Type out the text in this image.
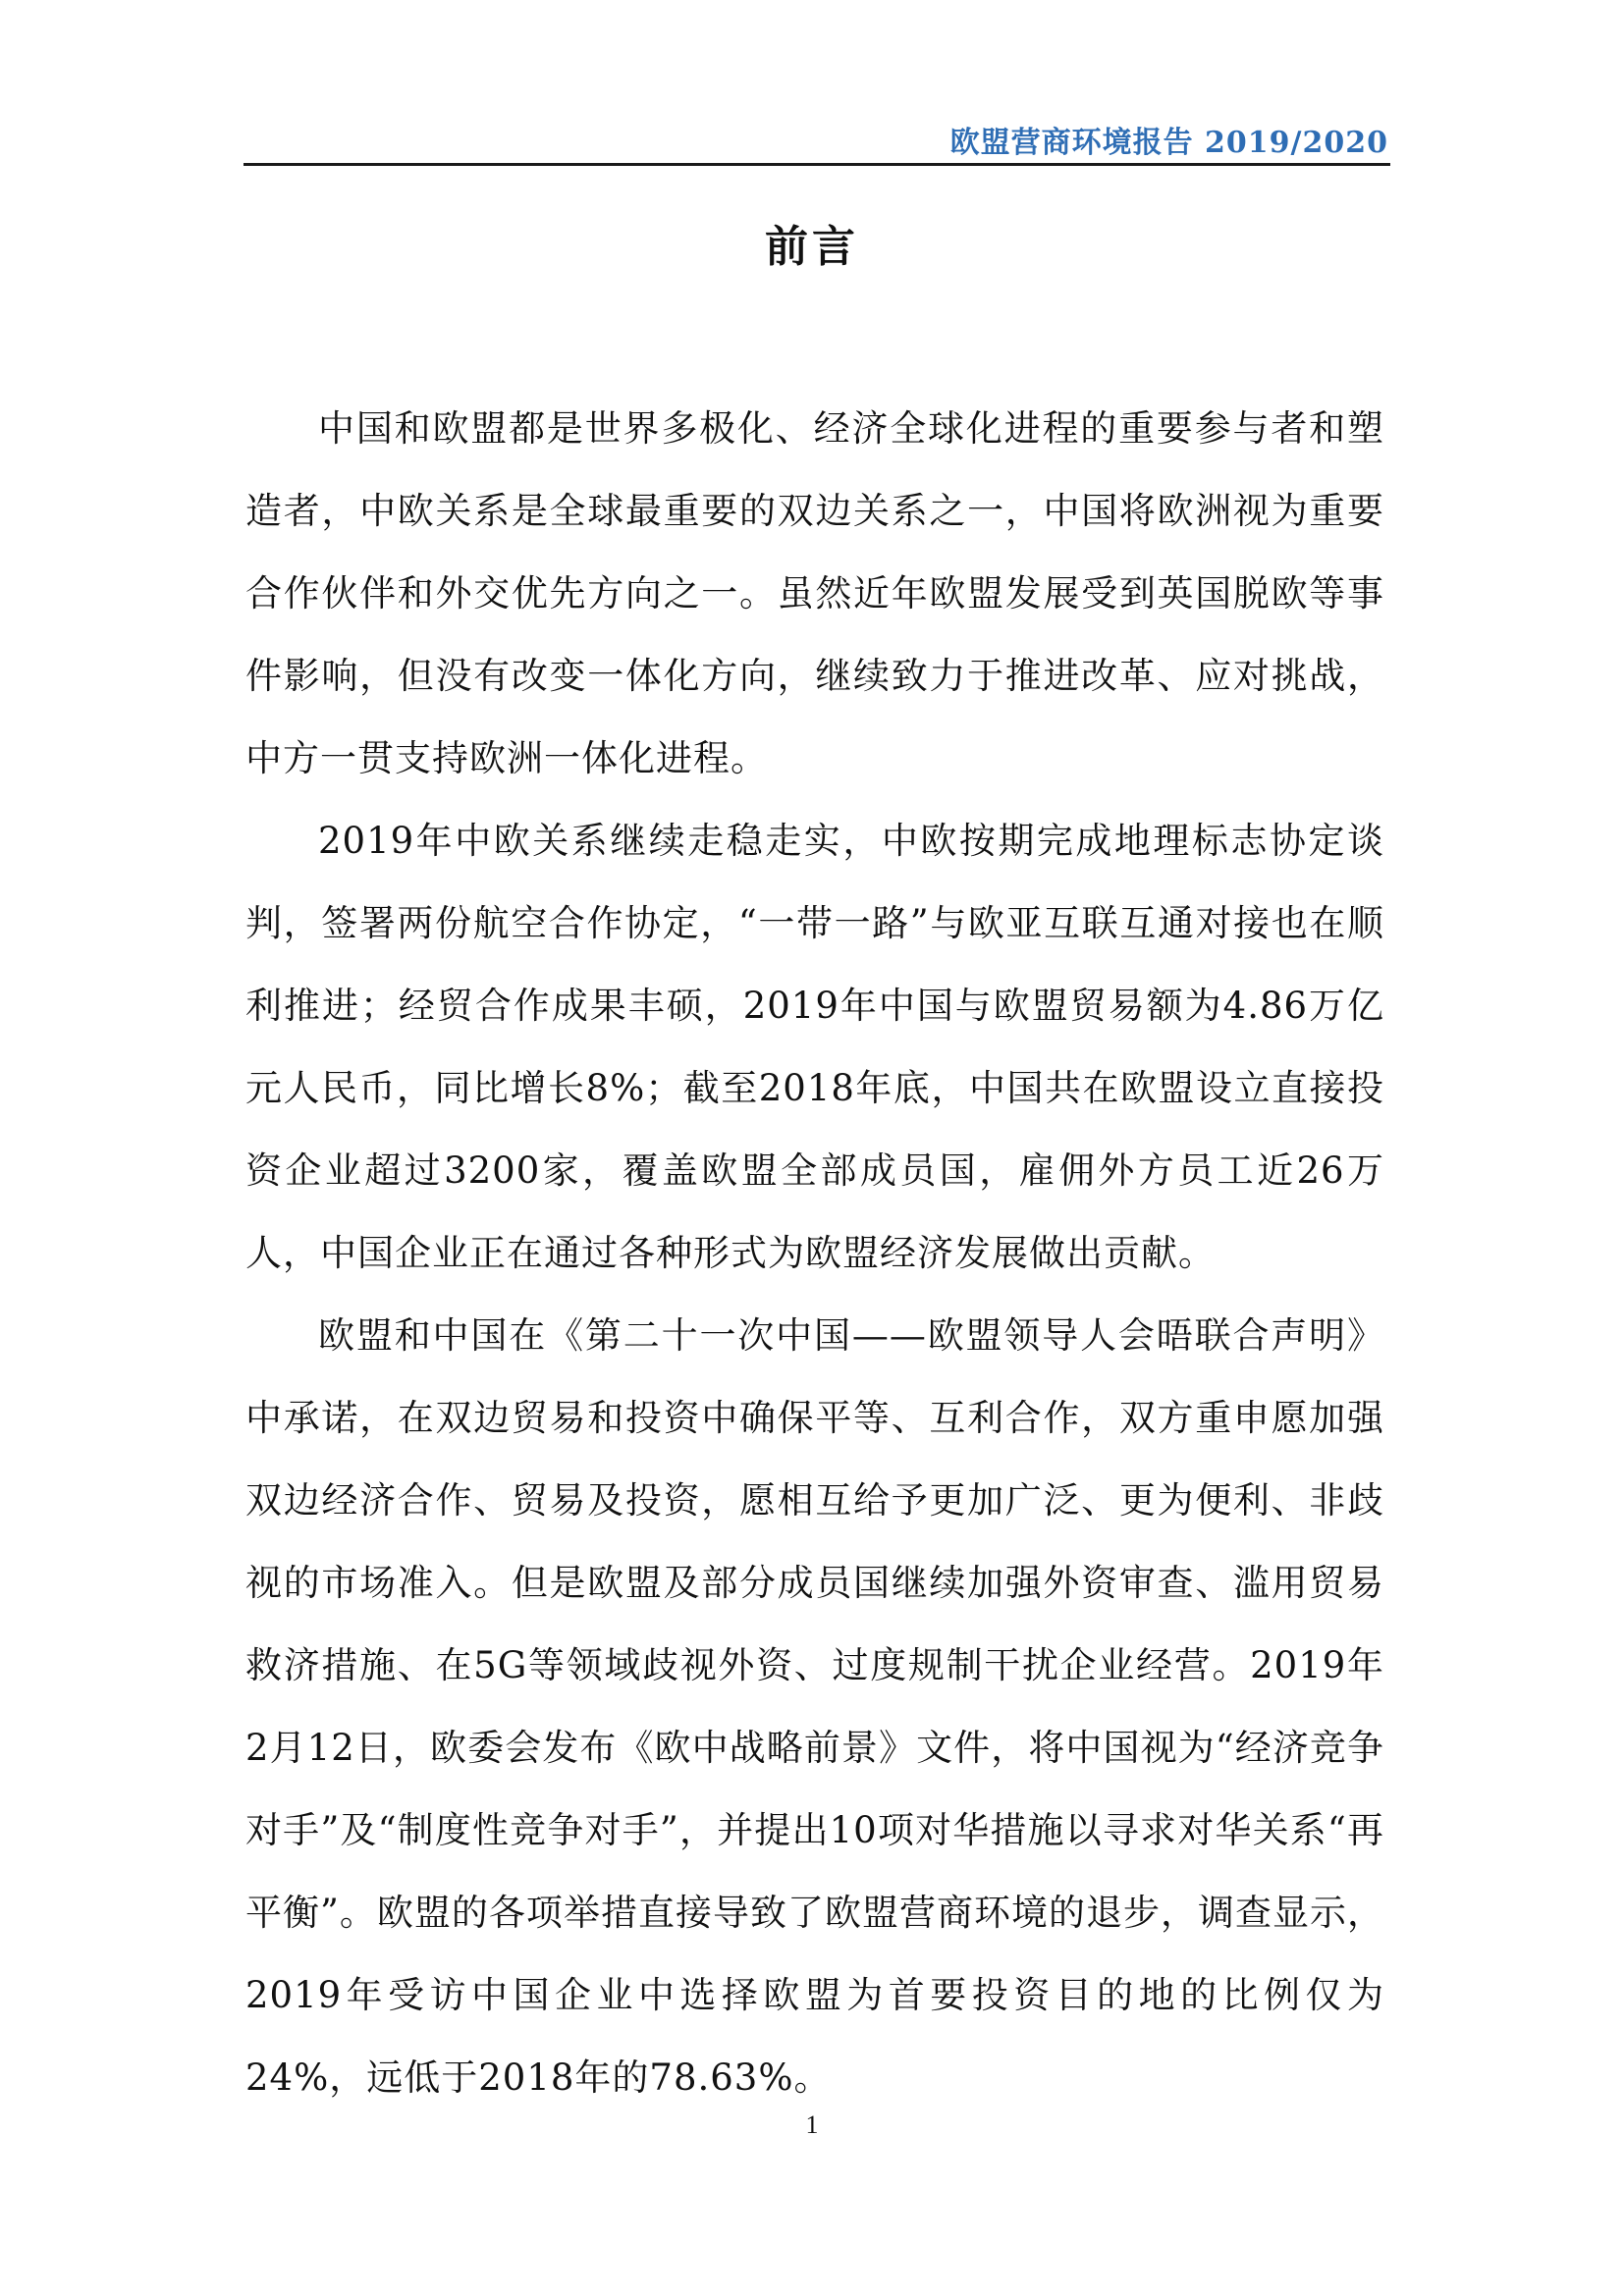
欧盟营商环境报告 2019/2020
前言

中国和欧盟都是世界多极化、经济全球化进程的重要参与者和塑造者，中欧关系是全球最重要的双边关系之一，中国将欧洲视为重要合作伙伴和外交优先方向之一。虽然近年欧盟发展受到英国脱欧等事件影响，但没有改变一体化方向，继续致力于推进改革、应对挑战，中方一贯支持欧洲一体化进程。

2019年中欧关系继续走稳走实，中欧按期完成地理标志协定谈判，签署两份航空合作协定，“一带一路”与欧亚互联互通对接也在顺利推进；经贸合作成果丰硕，2019年中国与欧盟贸易额为4.86万亿元人民币，同比增长8%；截至2018年底，中国共在欧盟设立直接投资企业超过3200家，覆盖欧盟全部成员国，雇佣外方员工近26万人，中国企业正在通过各种形式为欧盟经济发展做出贡献。

欧盟和中国在《第二十一次中国——欧盟领导人会晤联合声明》中承诺，在双边贸易和投资中确保平等、互利合作，双方重申愿加强双边经济合作、贸易及投资，愿相互给予更加广泛、更为便利、非歧视的市场准入。但是欧盟及部分成员国继续加强外资审查、滥用贸易救济措施、在5G等领域歧视外资、过度规制干扰企业经营。2019年2月12日，欧委会发布《欧中战略前景》文件，将中国视为“经济竞争对手”及“制度性竞争对手”，并提出10项对华措施以寻求对华关系“再平衡”。欧盟的各项举措直接导致了欧盟营商环境的退步，调查显示，2019年受访中国企业中选择欧盟为首要投资目的地的比例仅为24%，远低于2018年的78.63%。

1
